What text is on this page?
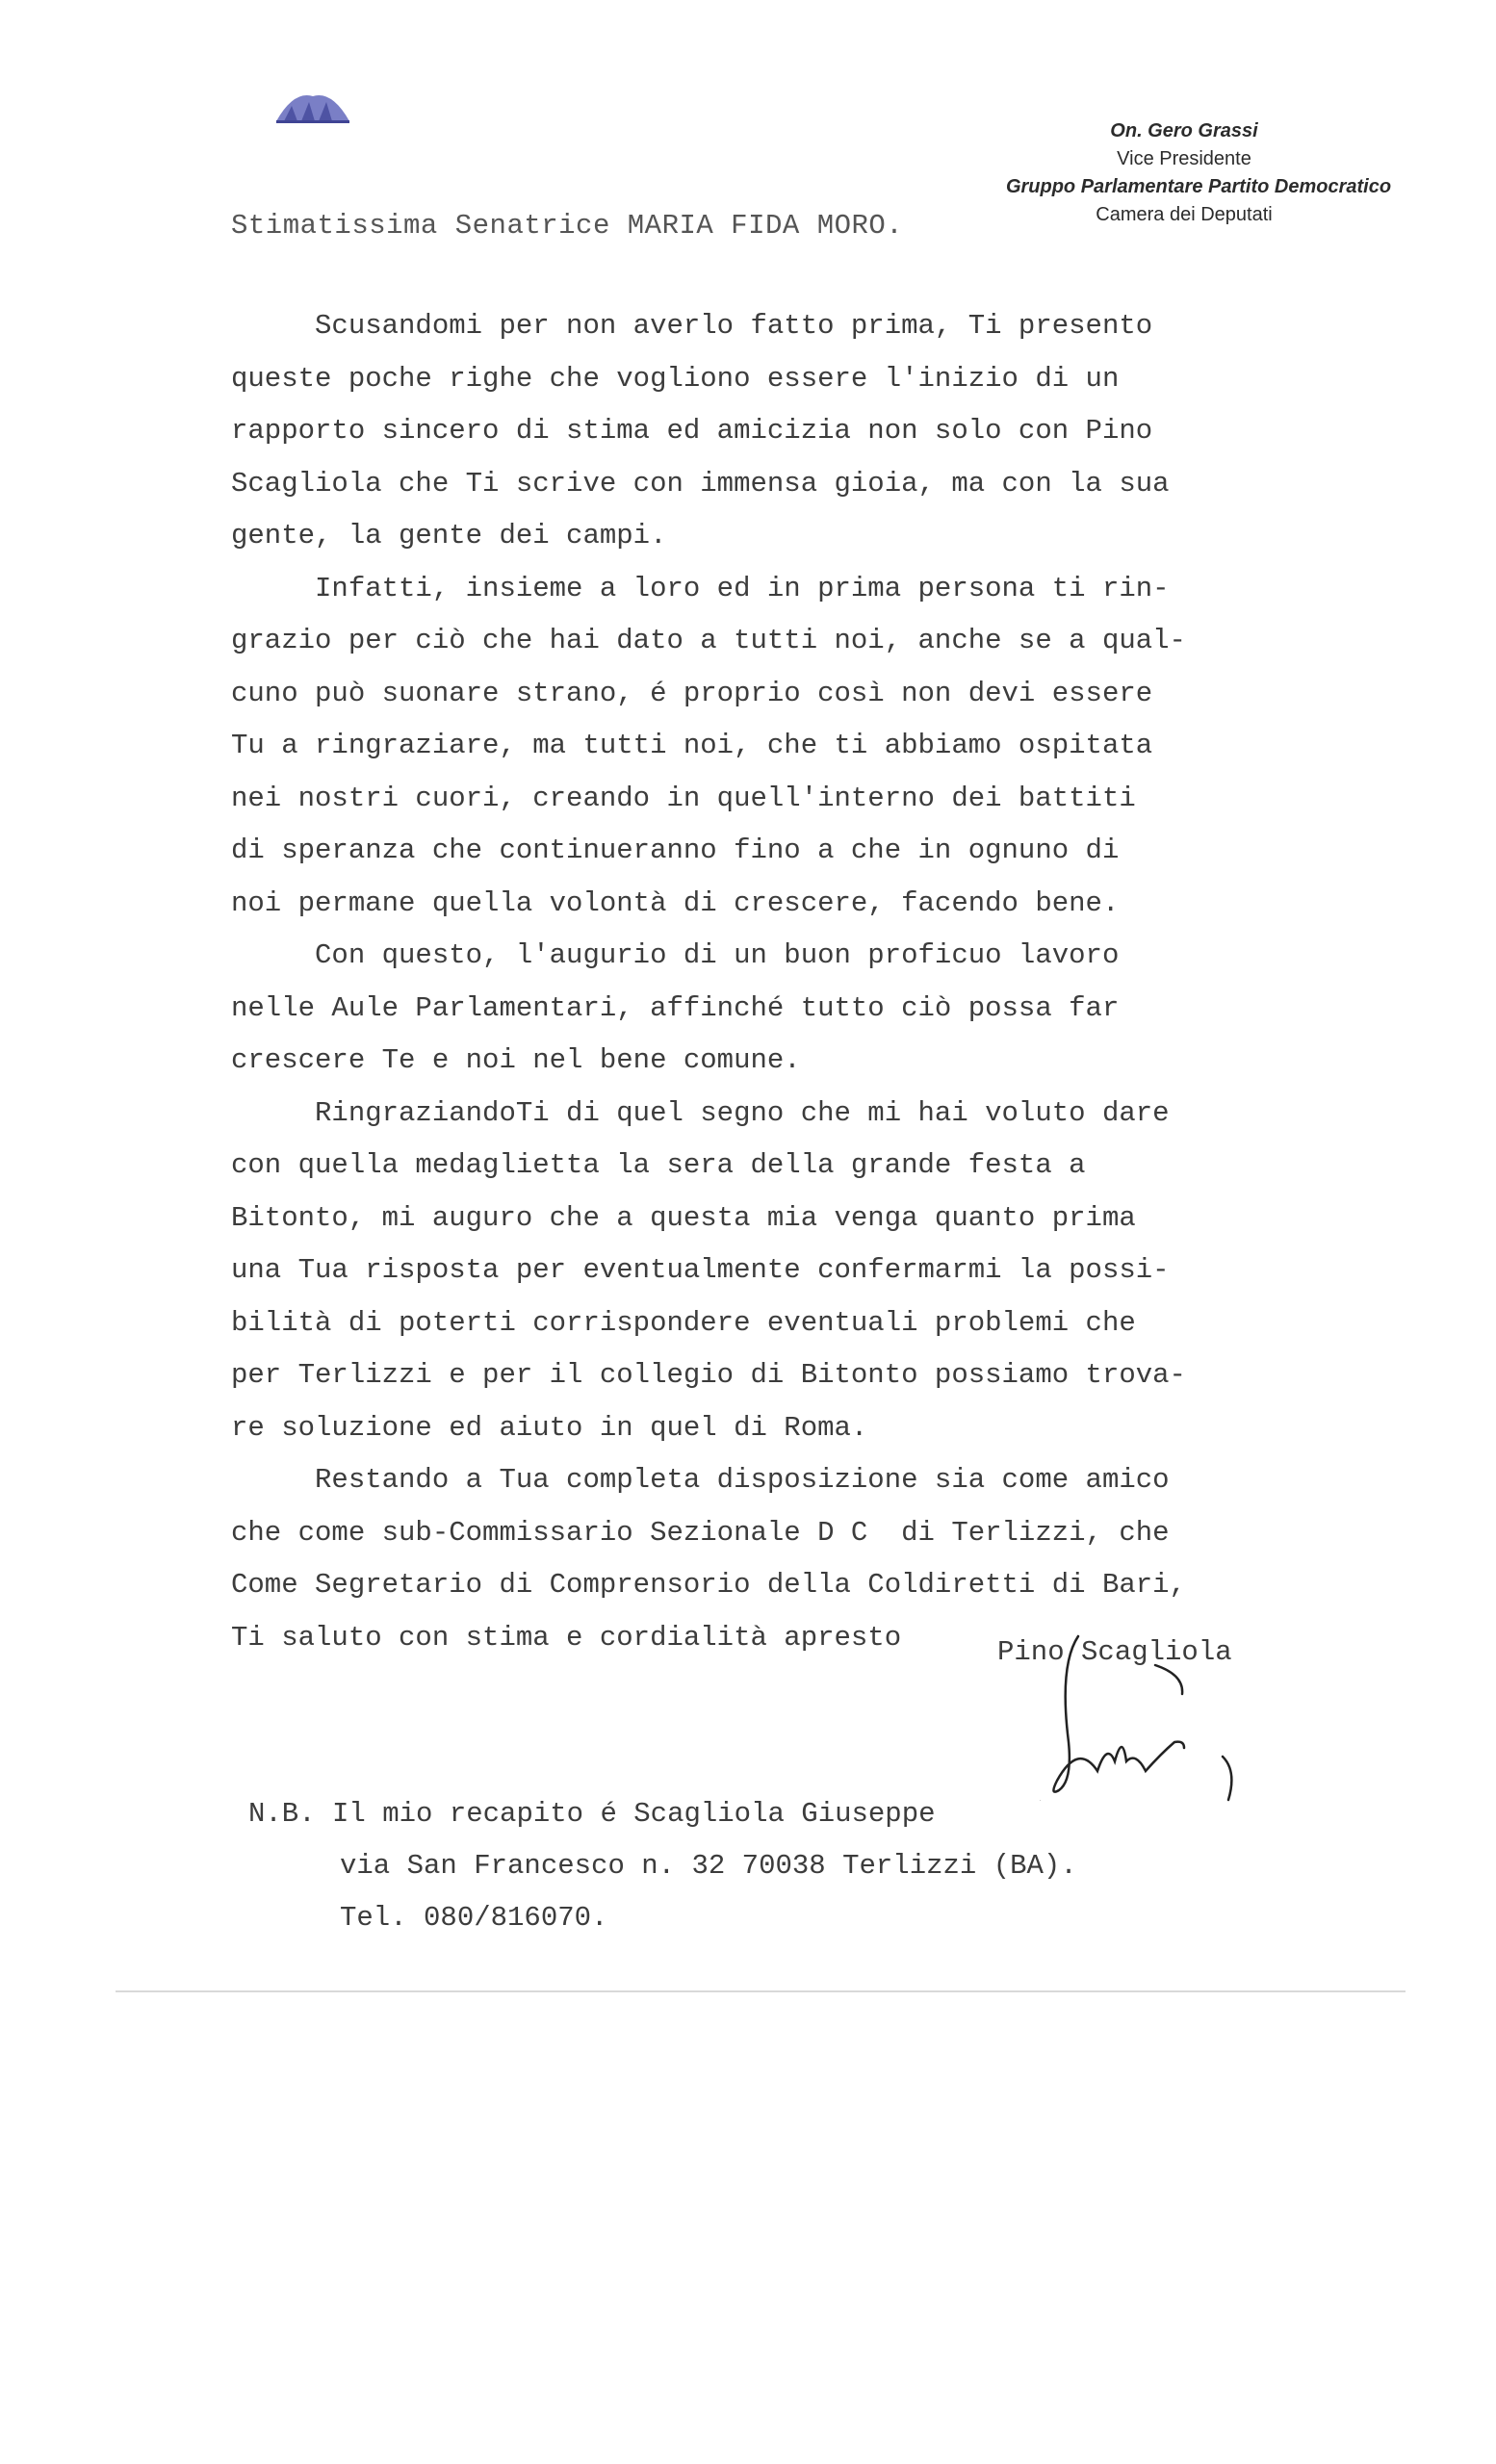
On. Gero Grassi
Vice Presidente
Gruppo Parlamentare Partito Democratico
Camera dei Deputati
Stimatissima Senatrice MARIA FIDA MORO.
Scusandomi per non averlo fatto prima, Ti presento
queste poche righe che vogliono essere l'inizio di un
rapporto sincero di stima ed amicizia non solo con Pino
Scagliola che Ti scrive con immensa gioia, ma con la sua
gente, la gente dei campi.
Infatti, insieme a loro ed in prima persona ti rin-
grazio per ciò che hai dato a tutti noi, anche se a qual-
cuno può suonare strano, é proprio così non devi essere
Tu a ringraziare, ma tutti noi, che ti abbiamo ospitata
nei nostri cuori, creando in quell'interno dei battiti
di speranza che continueranno fino a che in ognuno di
noi permane quella volontà di crescere, facendo bene.
Con questo, l'augurio di un buon proficuo lavoro
nelle Aule Parlamentari, affinché tutto ciò possa far
crescere Te e noi nel bene comune.
RingraziandoTi di quel segno che mi hai voluto dare
con quella medaglietta la sera della grande festa a
Bitonto, mi auguro che a questa mia venga quanto prima
una Tua risposta per eventualmente confermarmi la possi-
bilità di poterti corrispondere eventuali problemi che
per Terlizzi e per il collegio di Bitonto possiamo trova-
re soluzione ed aiuto in quel di Roma.
Restando a Tua completa disposizione sia come amico
che come sub-Commissario Sezionale D C  di Terlizzi, che
Come Segretario di Comprensorio della Coldiretti di Bari,
Ti saluto con stima e cordialità apresto	Pino Scagliola
N.B. Il mio recapito é Scagliola Giuseppe
via San Francesco n. 32 70038 Terlizzi (BA).
Tel. 080/816070.
